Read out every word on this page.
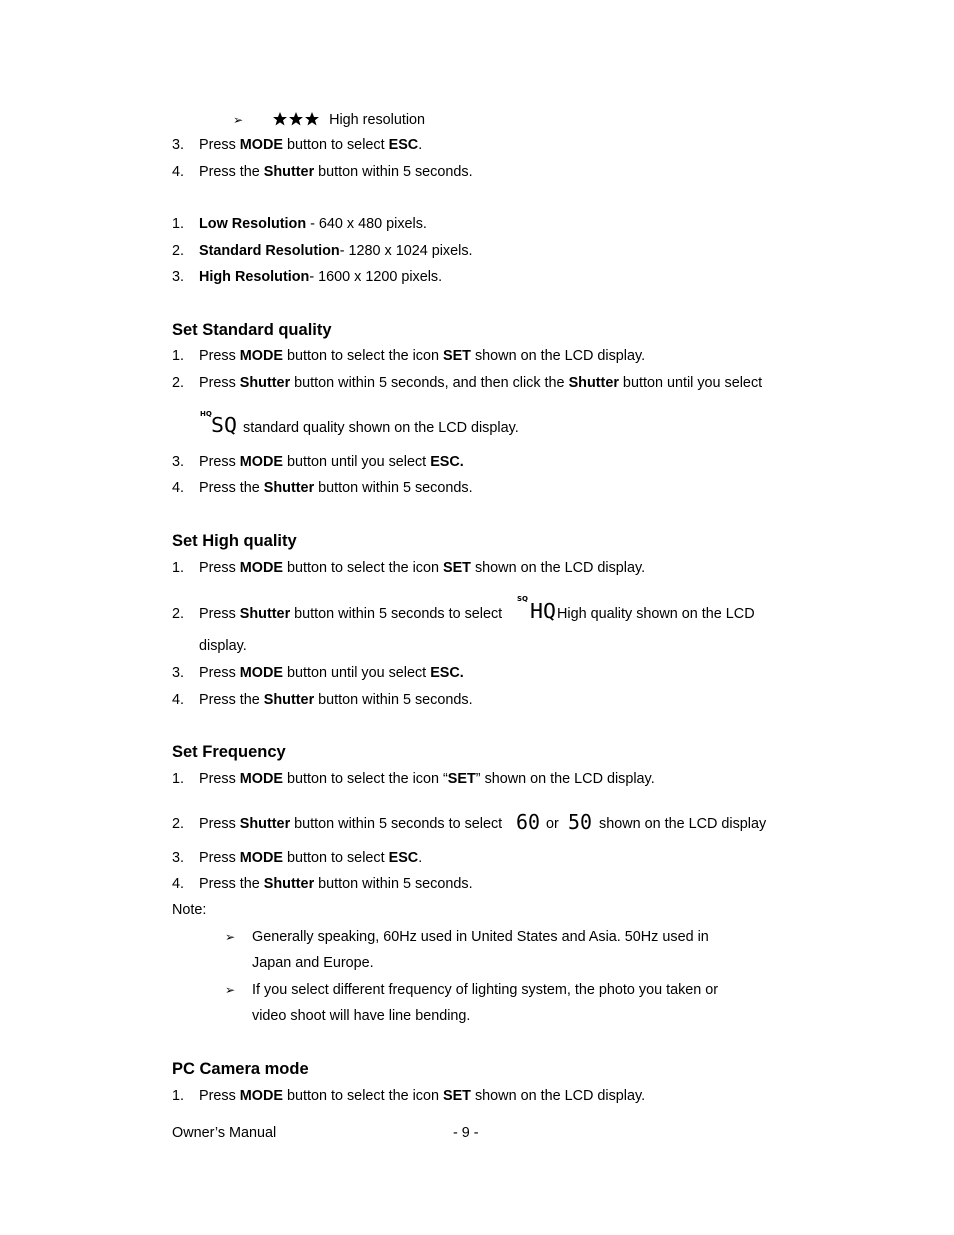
➢	High resolution
3. Press MODE button to select ESC.
4. Press the Shutter button within 5 seconds.
1. Low Resolution - 640 x 480 pixels.
2. Standard Resolution- 1280 x 1024 pixels.
3. High Resolution- 1600 x 1200 pixels.
Set Standard quality
1. Press MODE button to select the icon SET shown on the LCD display.
2. Press Shutter button within 5 seconds, and then click the Shutter button until you select
HQ SQ standard quality shown on the LCD display.
3. Press MODE button until you select ESC.
4. Press the Shutter button within 5 seconds.
Set High quality
1. Press MODE button to select the icon SET shown on the LCD display.
2. Press Shutter button within 5 seconds to select
SQ HQ High quality shown on the LCD
display.
3. Press MODE button until you select ESC.
4. Press the Shutter button within 5 seconds.
Set Frequency
1. Press MODE button to select the icon “SET” shown on the LCD display.
2. Press Shutter button within 5 seconds to select 60 or 50 shown on the LCD display
3. Press MODE button to select ESC.
4. Press the Shutter button within 5 seconds.
Note:
➢ Generally speaking, 60Hz used in United States and Asia. 50Hz used in
Japan and Europe.
➢ If you select different frequency of lighting system, the photo you taken or
video shoot will have line bending.
PC Camera mode
1. Press MODE button to select the icon SET shown on the LCD display.
Owner’s Manual	- 9 -
